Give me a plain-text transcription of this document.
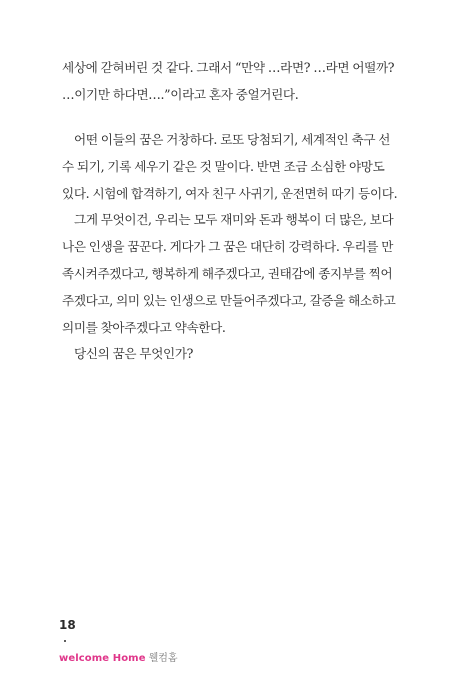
세상에 갇혀버린 것 같다. 그래서 “만약 …라면? …라면 어떨까?
…이기만 하다면….”이라고 혼자 중얼거린다.
어떤 이들의 꿈은 거창하다. 로또 당첨되기, 세계적인 축구 선
수 되기, 기록 세우기 같은 것 말이다. 반면 조금 소심한 야망도
있다. 시험에 합격하기, 여자 친구 사귀기, 운전면허 따기 등이다.
그게 무엇이건, 우리는 모두 재미와 돈과 행복이 더 많은, 보다
나은 인생을 꿈꾼다. 게다가 그 꿈은 대단히 강력하다. 우리를 만
족시켜주겠다고, 행복하게 해주겠다고, 권태감에 종지부를 찍어
주겠다고, 의미 있는 인생으로 만들어주겠다고, 갈증을 해소하고
의미를 찾아주겠다고 약속한다.
당신의 꿈은 무엇인가?
18
welcome Home 웰컴홈
